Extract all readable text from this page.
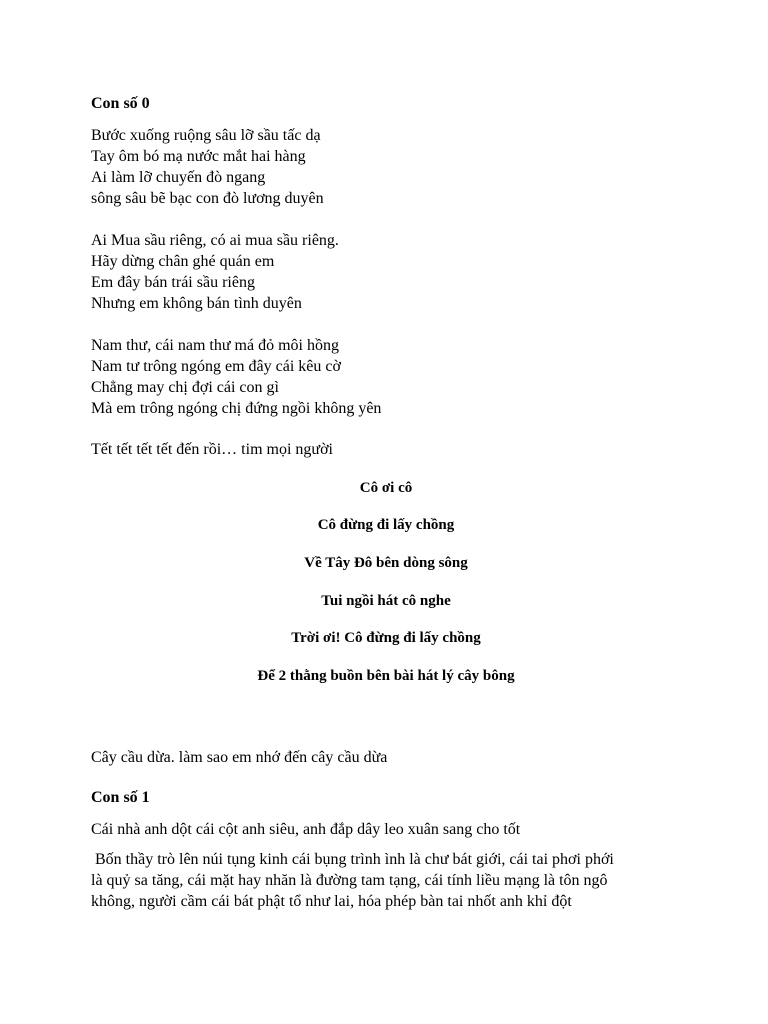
Con số 0

Bước xuống ruộng sâu lỡ sầu tấc dạ
Tay ôm bó mạ nước mắt hai hàng
Ai làm lỡ chuyến đò ngang
sông sâu bẽ bạc con đò lương duyên
Ai Mua sầu riêng, có ai mua sầu riêng.
Hãy dừng chân ghé quán em
Em đây bán trái sầu riêng
Nhưng em không bán tình duyên
Nam thư, cái nam thư má đỏ môi hồng
Nam tư trông ngóng em đây cái kêu cờ
Chẳng may chị đợi cái con gì
Mà em trông ngóng chị đứng ngồi không yên

Tết tết tết tết đến rồi… tim mọi người

Cô ơi cô

Cô đừng đi lấy chồng

Về Tây Đô bên dòng sông

Tui ngồi hát cô nghe

Trời ơi! Cô đừng đi lấy chồng

Để 2 thằng buồn bên bài hát lý cây bông

Cây cầu dừa. làm sao em nhớ đến cây cầu dừa

Con số 1

Cái nhà anh dột cái cột anh siêu, anh đắp dây leo xuân sang cho tốt

Bốn thầy trò lên núi tụng kinh cái bụng trình ình là chư bát giới, cái tai phơi phới
là quỷ sa tăng, cái mặt hay nhăn là đường tam tạng, cái tính liều mạng là tôn ngô
không, người cầm cái bát phật tổ như lai, hóa phép bàn tai nhốt anh khỉ đột
